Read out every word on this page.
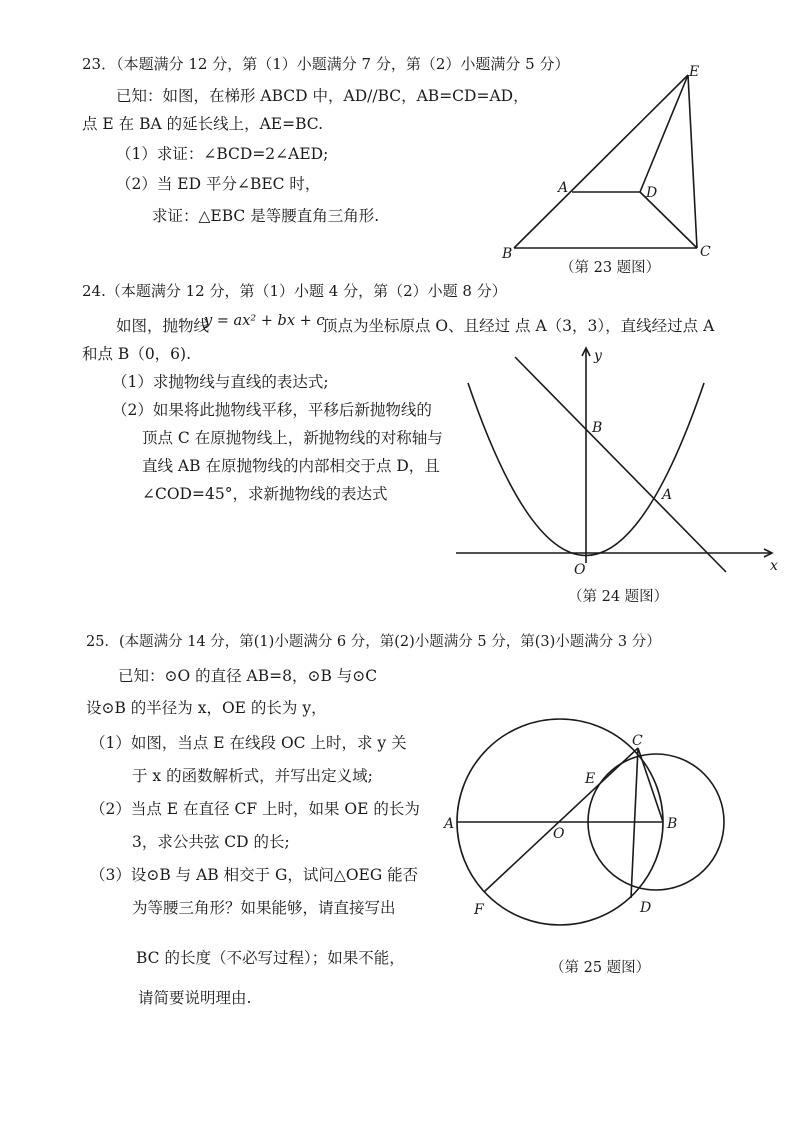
23．（本题满分 12 分，第（1）小题满分 7 分，第（2）小题满分 5 分）
已知：如图，在梯形 ABCD 中，AD//BC，AB=CD=AD，
点 E 在 BA 的延长线上，AE=BC.
（1）求证：∠BCD=2∠AED;
（2）当 ED 平分∠BEC 时，
求证：△EBC 是等腰直角三角形.
E
A	D
B	C
（第 23 题图）
24.（本题满分 12 分，第（1）小题 4 分，第（2）小题 8 分）
如图，抛物线
y = ax² + bx + c
顶点为坐标原点 O、且经过 点 A（3，3），直线经过点 A
和点 B（0，6).
（1）求抛物线与直线的表达式;
（2）如果将此抛物线平移，平移后新抛物线的
顶点 C 在原抛物线上，新抛物线的对称轴与
直线 AB 在原抛物线的内部相交于点 D，且
∠COD=45°，求新抛物线的表达式
y
x
O
B
A
（第 24 题图）
25．(本题满分 14 分，第(1)小题满分 6 分，第(2)小题满分 5 分，第(3)小题满分 3 分）
已知：⊙O 的直径 AB=8，⊙B 与⊙C
设⊙B 的半径为 x，OE 的长为 y，
（1）如图，当点 E 在线段 OC 上时，求 y 关
于 x 的函数解析式，并写出定义域;
（2）当点 E 在直径 CF 上时，如果 OE 的长为
3，求公共弦 CD 的长;
（3）设⊙B 与 AB 相交于 G，试问△OEG 能否
为等腰三角形？如果能够，请直接写出
BC 的长度（不必写过程）；如果不能，
请简要说明理由.
A	B
O
E
F	D
C
（第 25 题图）
